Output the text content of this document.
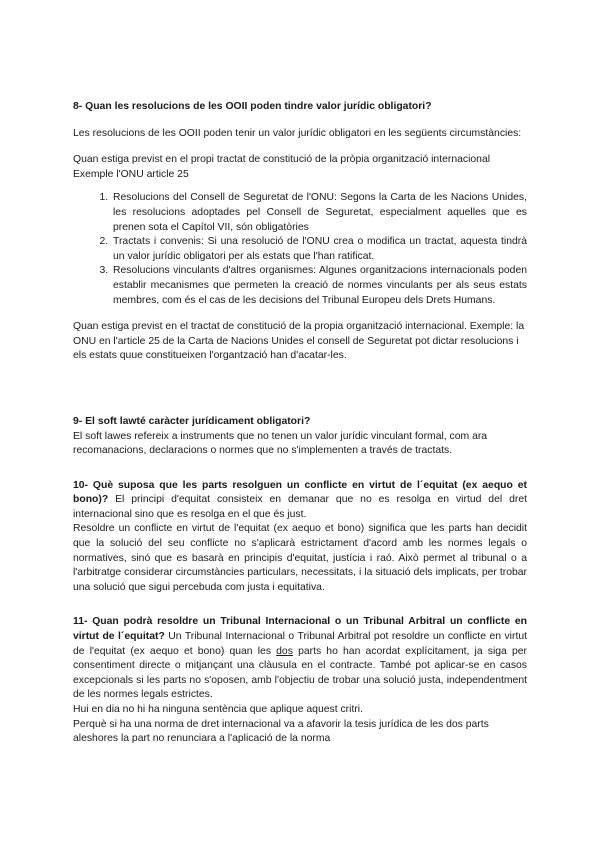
8- Quan les resolucions de les OOII poden tindre valor jurídic obligatori?

Les resolucions de les OOII poden tenir un valor jurídic obligatori en les següents circumstàncies:

Quan estiga previst en el propi tractat de constitució de la pròpia organització internacional Exemple l'ONU article 25

1. Resolucions del Consell de Seguretat de l'ONU: Segons la Carta de les Nacions Unides, les resolucions adoptades pel Consell de Seguretat, especialment aquelles que es prenen sota el Capítol VII, són obligatòries
2. Tractats i convenis: Si una resolució de l'ONU crea o modifica un tractat, aquesta tindrà un valor jurídic obligatori per als estats que l'han ratificat.
3. Resolucions vinculants d'altres organismes: Algunes organitzacions internacionals poden establir mecanismes que permeten la creació de normes vinculants per als seus estats membres, com és el cas de les decisions del Tribunal Europeu dels Drets Humans.

Quan estiga previst en el tractat de constitució de la propia organització internacional. Exemple: la ONU en l'article 25 de la Carta de Nacions Unides el consell de Seguretat pot dictar resolucions i els estats quue constitueixen l'organtzació han d'acatar-les.

9- El soft lawté caràcter jurídicament obligatori?

El soft lawes refereix a instruments que no tenen un valor jurídic vinculant formal, com ara recomanacions, declaracions o normes que no s'implementen a través de tractats.

10- Què suposa que les parts resolguen un conflicte en virtut de l´equitat (ex aequo et bono)? El principi d'equitat consisteix en demanar que no es resolga en virtud del dret internacional sino que es resolga en el que és just.

Resoldre un conflicte en virtut de l'equitat (ex aequo et bono) significa que les parts han decidit que la solució del seu conflicte no s'aplicarà estrictament d'acord amb les normes legals o normatives, sinó que es basarà en principis d'equitat, justícia i raó. Això permet al tribunal o a l'arbitratge considerar circumstàncies particulars, necessitats, i la situació dels implicats, per trobar una solució que sigui percebuda com justa i equitativa.

11- Quan podrà resoldre un Tribunal Internacional o un Tribunal Arbitral un conflicte en virtut de l´equitat? Un Tribunal Internacional o Tribunal Arbitral pot resoldre un conflicte en virtut de l'equitat (ex aequo et bono) quan les dos parts ho han acordat explícitament, ja siga per consentiment directe o mitjançant una clàusula en el contracte. També pot aplicar-se en casos excepcionals si les parts no s'oposen, amb l'objectiu de trobar una solució justa, independentment de les normes legals estrictes.

Hui en dia no hi ha ninguna sentència que aplique aquest critri.

Perquè si ha una norma de dret internacional va a afavorir la tesis jurídica de les dos parts aleshores la part no renunciara a l'aplicació de la norma
